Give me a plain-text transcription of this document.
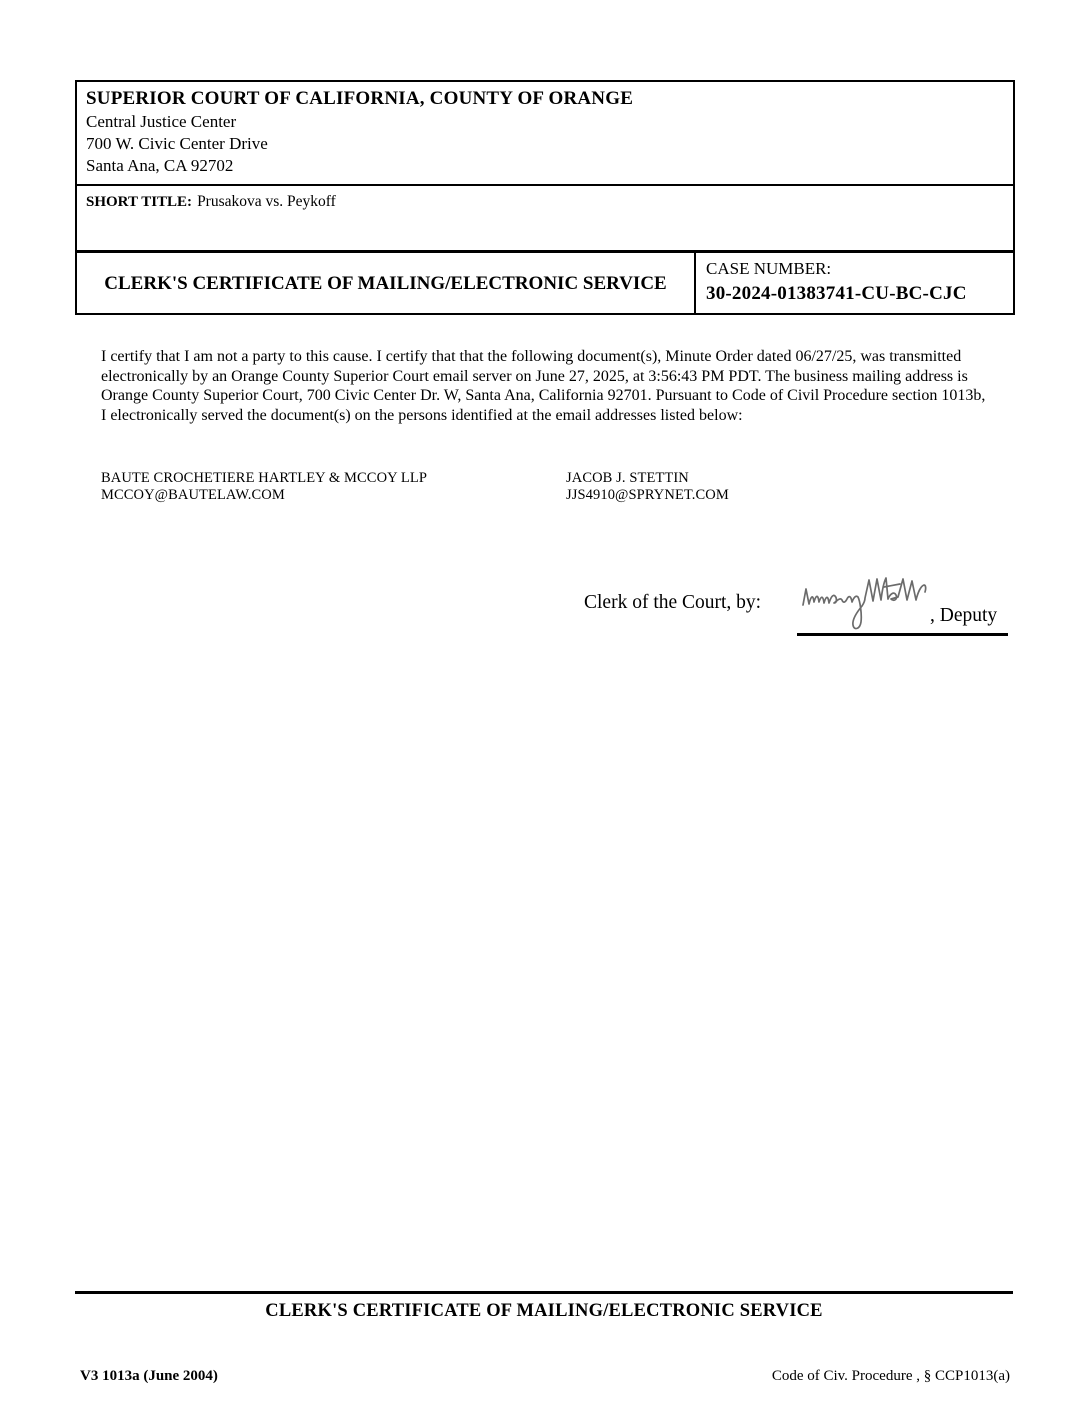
SUPERIOR COURT OF CALIFORNIA, COUNTY OF ORANGE
Central Justice Center
700 W. Civic Center Drive
Santa Ana, CA 92702
SHORT TITLE: Prusakova vs. Peykoff
CLERK'S CERTIFICATE OF MAILING/ELECTRONIC SERVICE
CASE NUMBER:
30-2024-01383741-CU-BC-CJC
I certify that I am not a party to this cause. I certify that that the following document(s), Minute Order dated 06/27/25, was transmitted electronically by an Orange County Superior Court email server on June 27, 2025, at 3:56:43 PM PDT. The business mailing address is Orange County Superior Court, 700 Civic Center Dr. W, Santa Ana, California 92701. Pursuant to Code of Civil Procedure section 1013b, I electronically served the document(s) on the persons identified at the email addresses listed below:
BAUTE CROCHETIERE HARTLEY & MCCOY LLP
MCCOY@BAUTELAW.COM
JACOB J. STETTIN
JJS4910@SPRYNET.COM
Clerk of the Court, by:
, Deputy
CLERK'S CERTIFICATE OF MAILING/ELECTRONIC SERVICE
V3 1013a (June 2004)	Code of Civ. Procedure , § CCP1013(a)
